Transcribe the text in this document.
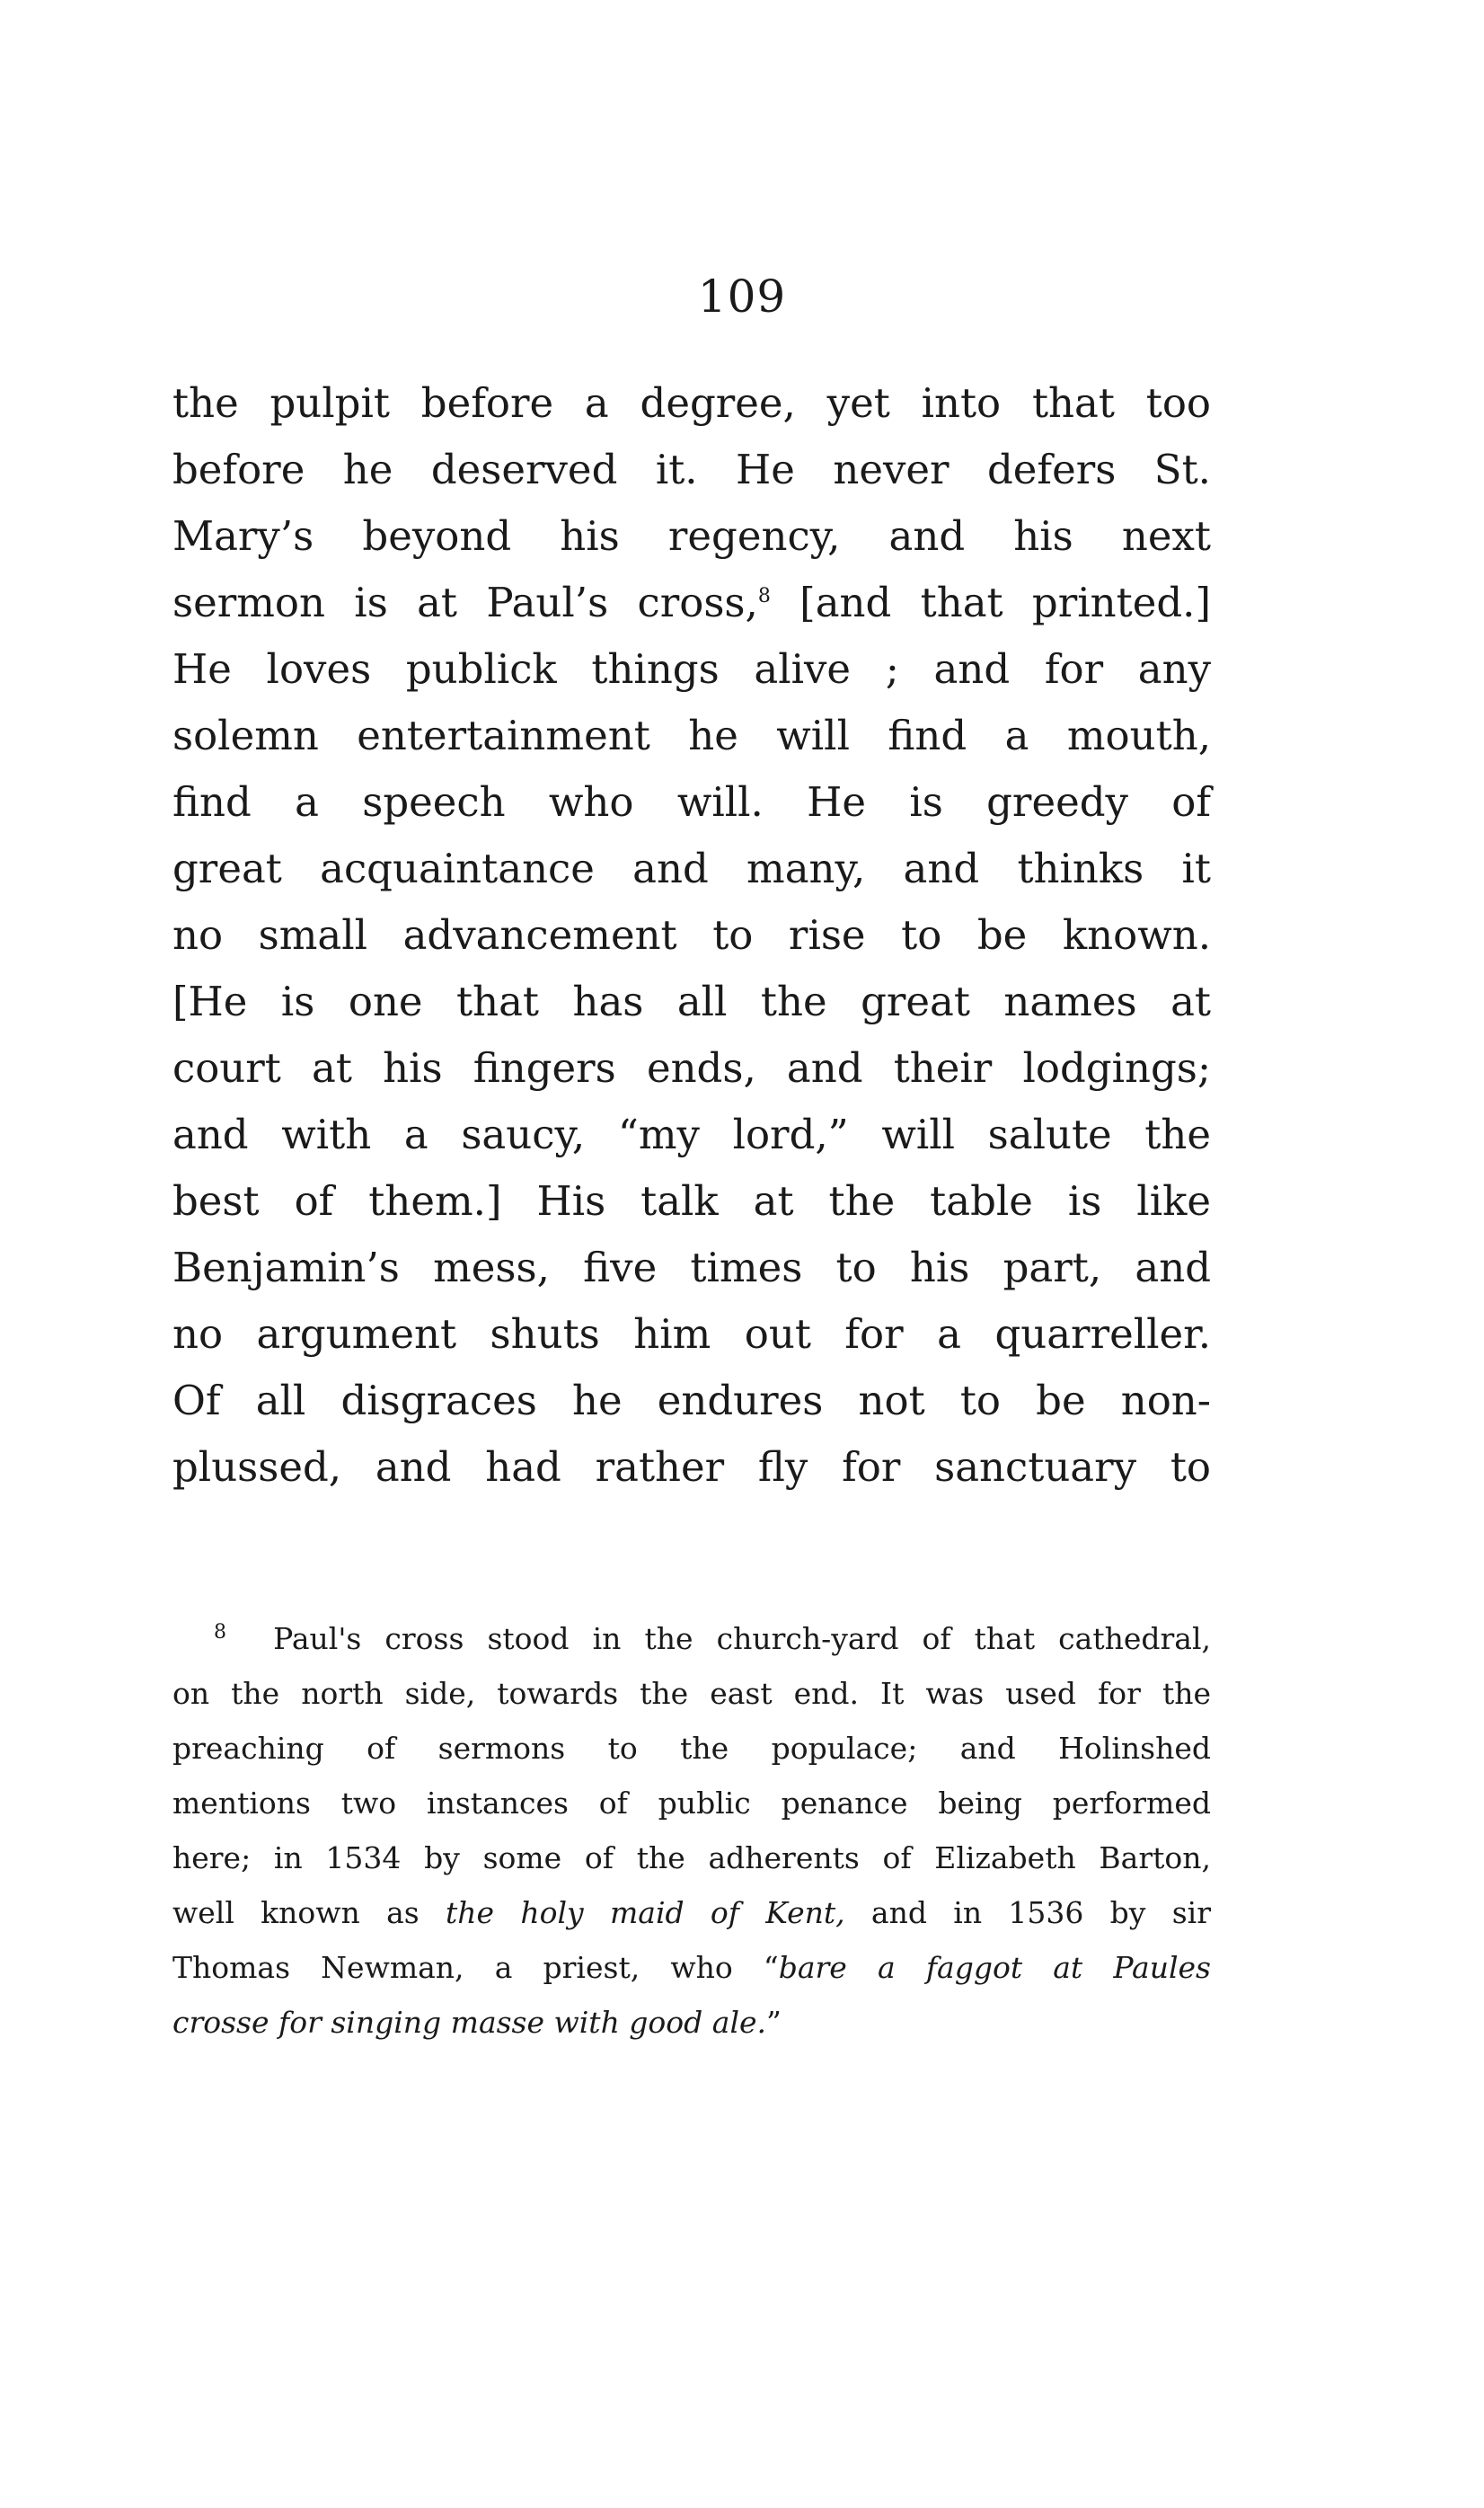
109
the pulpit before a degree, yet into that too
before he deserved it. He never defers St.
Mary’s beyond his regency, and his next
sermon is at Paul’s cross,$^8$ [and that printed.]
He loves publick things alive ; and for any
solemn entertainment he will find a mouth,
find a speech who will. He is greedy of
great acquaintance and many, and thinks it
no small advancement to rise to be known.
[He is one that has all the great names at
court at his fingers ends, and their lodgings;
and with a saucy, “my lord,” will salute the
best of them.] His talk at the table is like
Benjamin’s mess, five times to his part, and
no argument shuts him out for a quarreller.
Of all disgraces he endures not to be non-
plussed, and had rather fly for sanctuary to
$^8$ Paul's cross stood in the church-yard of that cathedral,
on the north side, towards the east end. It was used for the
preaching of sermons to the populace; and Holinshed
mentions two instances of public penance being performed
here; in 1534 by some of the adherents of Elizabeth Barton,
well known as the holy maid of Kent, and in 1536 by sir
Thomas Newman, a priest, who “bare a faggot at Paules
crosse for singing masse with good ale.”
